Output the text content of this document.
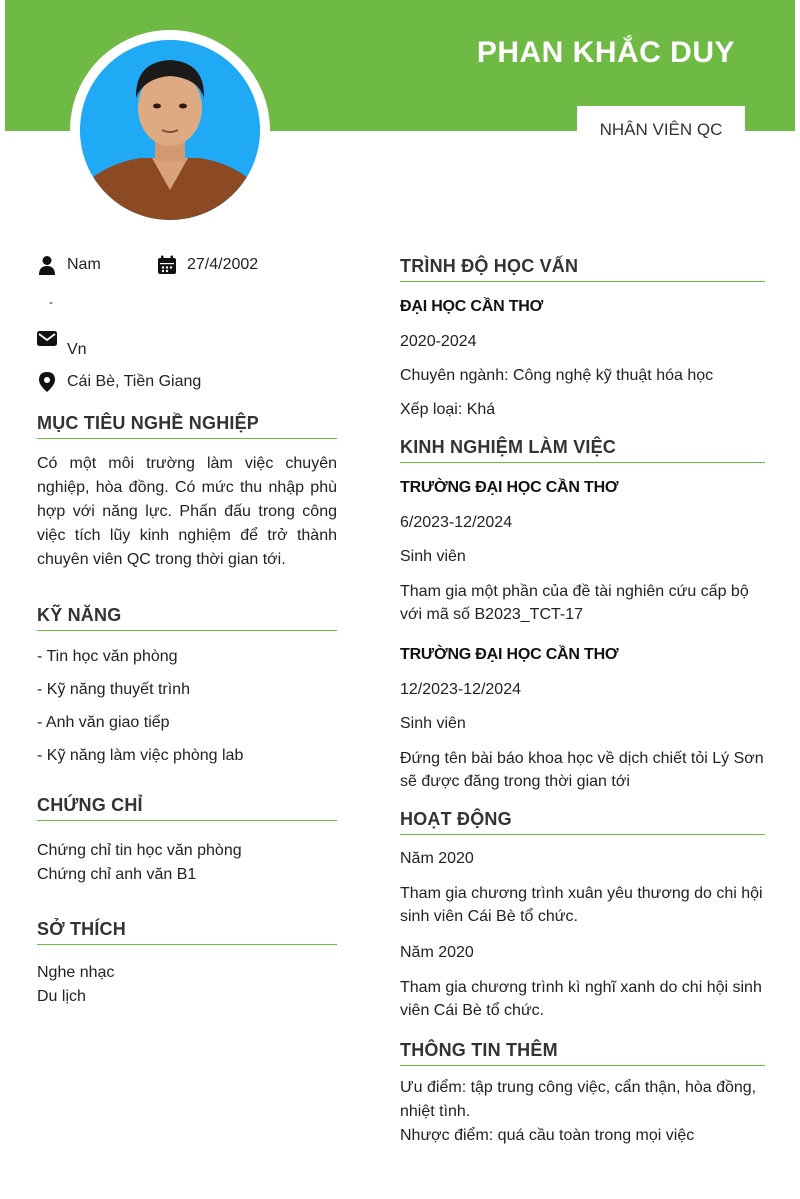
PHAN KHẮC DUY
NHÂN VIÊN QC
Nam	27/4/2002
-
Vn
Cái Bè, Tiền Giang
MỤC TIÊU NGHỀ NGHIỆP
Có một môi trường làm việc chuyên nghiệp, hòa đồng. Có mức thu nhập phù hợp với năng lực. Phấn đấu trong công việc tích lũy kinh nghiệm để trở thành chuyên viên QC trong thời gian tới.
KỸ NĂNG
- Tin học văn phòng
- Kỹ năng thuyết trình
- Anh văn giao tiếp
- Kỹ năng làm việc phòng lab
CHỨNG CHỈ
Chứng chỉ tin học văn phòng
Chứng chỉ anh văn B1
SỞ THÍCH
Nghe nhạc
Du lịch
TRÌNH ĐỘ HỌC VẤN
ĐẠI HỌC CẦN THƠ
2020-2024
Chuyên ngành: Công nghệ kỹ thuật hóa học
Xếp loại: Khá
KINH NGHIỆM LÀM VIỆC
TRƯỜNG ĐẠI HỌC CẦN THƠ
6/2023-12/2024
Sinh viên
Tham gia một phần của đề tài nghiên cứu cấp bộ với mã số B2023_TCT-17
TRƯỜNG ĐẠI HỌC CẦN THƠ
12/2023-12/2024
Sinh viên
Đứng tên bài báo khoa học về dịch chiết tỏi Lý Sơn sẽ được đăng trong thời gian tới
HOẠT ĐỘNG
Năm 2020
Tham gia chương trình xuân yêu thương do chi hội sinh viên Cái Bè tổ chức.
Năm 2020
Tham gia chương trình kì nghĩ xanh do chi hội sinh viên Cái Bè tổ chức.
THÔNG TIN THÊM
Ưu điểm: tập trung công việc, cẩn thận, hòa đồng, nhiệt tình.
Nhược điểm: quá cầu toàn trong mọi việc
